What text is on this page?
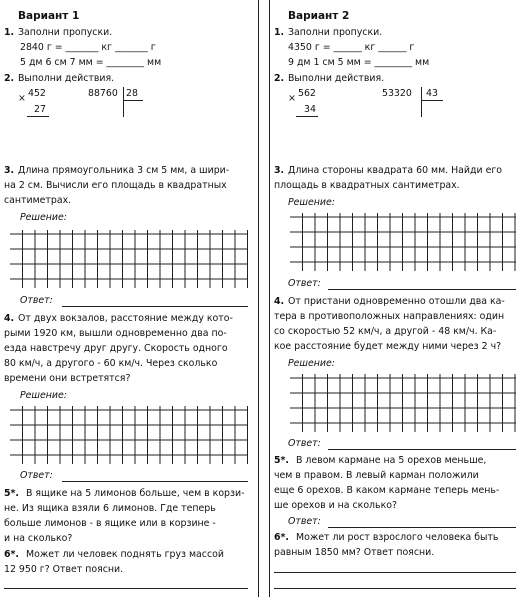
Вариант 1
1. Заполни пропуски.
2840 г = _______ кг _______ г
5 дм 6 см 7 мм = ________ мм
2. Выполни действия.
× 452
27
88760 28
3. Длина прямоугольника 3 см 5 мм, а шири-
на 2 см. Вычисли его площадь в квадратных
сантиметрах.
Решение:
Ответ:
4. От двух вокзалов, расстояние между кото-
рыми 1920 км, вышли одновременно два по-
езда навстречу друг другу. Скорость одного
80 км/ч, а другого - 60 км/ч. Через сколько
времени они встретятся?
Решение:
Ответ:
5*. В ящике на 5 лимонов больше, чем в корзи-
не. Из ящика взяли 6 лимонов. Где теперь
больше лимонов - в ящике или в корзине -
и на сколько?
6*. Может ли человек поднять груз массой
12 950 г? Ответ поясни.
Вариант 2
1. Заполни пропуски.
4350 г = ______ кг ______ г
9 дм 1 см 5 мм = ________ мм
2. Выполни действия.
× 562
34
53320 43
3. Длина стороны квадрата 60 мм. Найди его
площадь в квадратных сантиметрах.
Решение:
Ответ:
4. От пристани одновременно отошли два ка-
тера в противоположных направлениях: один
со скоростью 52 км/ч, а другой - 48 км/ч. Ка-
кое расстояние будет между ними через 2 ч?
Решение:
Ответ:
5*. В левом кармане на 5 орехов меньше,
чем в правом. В левый карман положили
еще 6 орехов. В каком кармане теперь мень-
ше орехов и на сколько?
Ответ:
6*. Может ли рост взрослого человека быть
равным 1850 мм? Ответ поясни.
